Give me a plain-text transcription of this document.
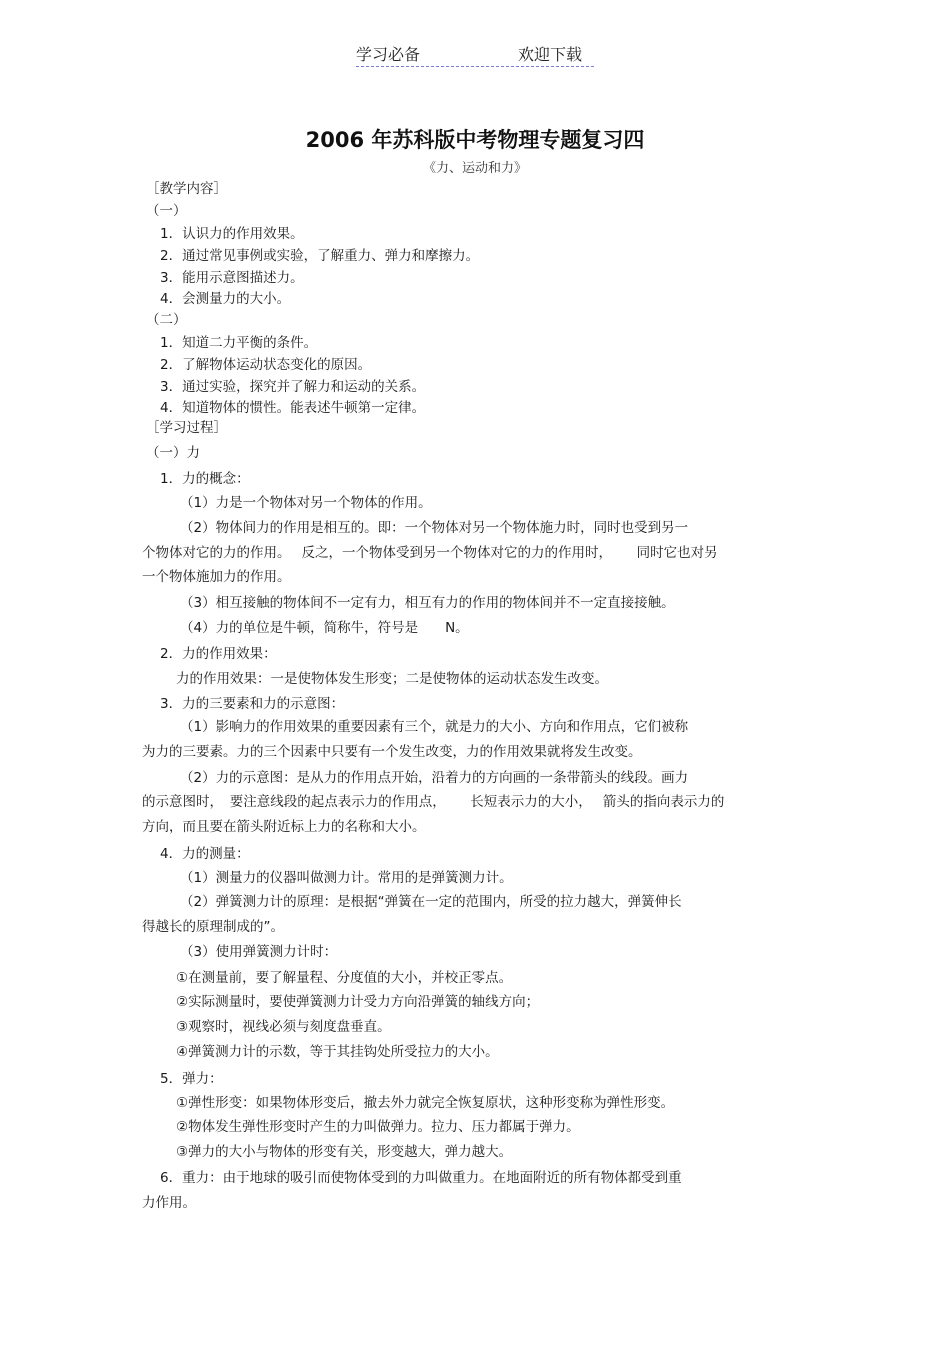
学习必备	欢迎下载
2006 年苏科版中考物理专题复习四
《力、运动和力》
［教学内容］
（一）
1．认识力的作用效果。
2．通过常见事例或实验，了解重力、弹力和摩擦力。
3．能用示意图描述力。
4．会测量力的大小。
（二）
1．知道二力平衡的条件。
2．了解物体运动状态变化的原因。
3．通过实验，探究并了解力和运动的关系。
4．知道物体的惯性。能表述牛顿第一定律。
［学习过程］
（一）力
1．力的概念：
（1）力是一个物体对另一个物体的作用。
（2）物体间力的作用是相互的。即：一个物体对另一个物体施力时，同时也受到另一
个物体对它的力的作用。　 反之，一个物体受到另一个物体对它的力的作用时，　　 同时它也对另
一个物体施加力的作用。
（3）相互接触的物体间不一定有力，相互有力的作用的物体间并不一定直接接触。
（4）力的单位是牛顿，简称牛，符号是　　N。
2．力的作用效果：
力的作用效果：一是使物体发生形变；二是使物体的运动状态发生改变。
3．力的三要素和力的示意图：
（1）影响力的作用效果的重要因素有三个，就是力的大小、方向和作用点，它们被称
为力的三要素。力的三个因素中只要有一个发生改变，力的作用效果就将发生改变。
（2）力的示意图：是从力的作用点开始，沿着力的方向画的一条带箭头的线段。画力
的示意图时，　要注意线段的起点表示力的作用点，　　 长短表示力的大小，　 箭头的指向表示力的
方向，而且要在箭头附近标上力的名称和大小。
4．力的测量：
（1）测量力的仪器叫做测力计。常用的是弹簧测力计。
（2）弹簧测力计的原理：是根据“弹簧在一定的范围内，所受的拉力越大，弹簧伸长
得越长的原理制成的”。
（3）使用弹簧测力计时：
①在测量前，要了解量程、分度值的大小，并校正零点。
②实际测量时，要使弹簧测力计受力方向沿弹簧的轴线方向；
③观察时，视线必须与刻度盘垂直。
④弹簧测力计的示数，等于其挂钩处所受拉力的大小。
5．弹力：
①弹性形变：如果物体形变后，撤去外力就完全恢复原状，这种形变称为弹性形变。
②物体发生弹性形变时产生的力叫做弹力。拉力、压力都属于弹力。
③弹力的大小与物体的形变有关，形变越大，弹力越大。
6．重力：由于地球的吸引而使物体受到的力叫做重力。在地面附近的所有物体都受到重
力作用。
